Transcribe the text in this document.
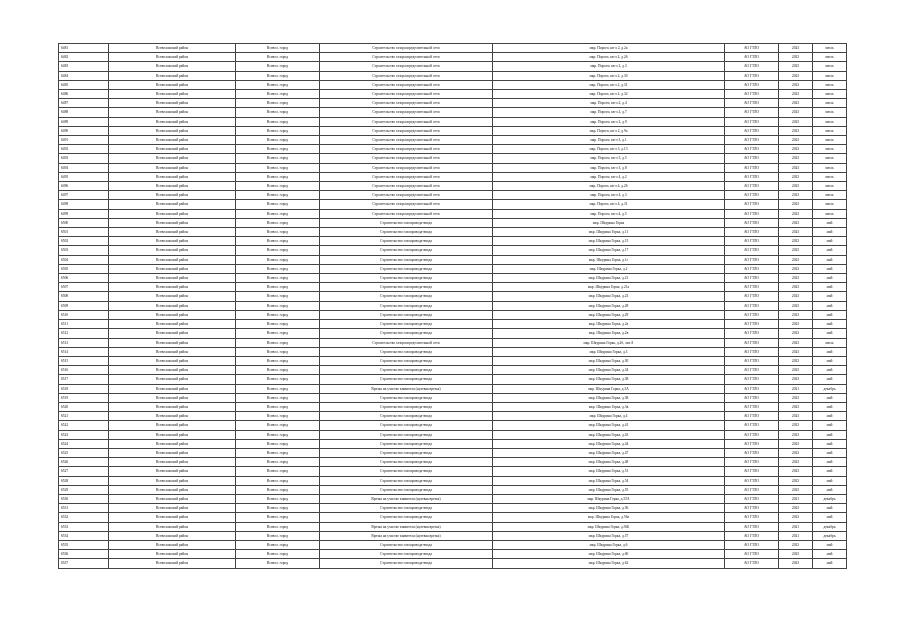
6481	Всеволожский район	Всевол. город	Строительство газораспределительной сети	мкр. Пороги, кв-л 2, д.2а	АО ГТЛО	2023	июль
6482	Всеволожский район	Всевол. город	Строительство газораспределительной сети	мкр. Пороги, кв-л 2, д.26	АО ГТЛО	2023	июль
6483	Всеволожский район	Всевол. город	Строительство газораспределительной сети	мкр. Пороги, кв-л 2, д.3	АО ГТЛО	2023	июль
6484	Всеволожский район	Всевол. город	Строительство газораспределительной сети	мкр. Пороги, кв-л 2, д.30	АО ГТЛО	2023	июль
6485	Всеволожский район	Всевол. город	Строительство газораспределительной сети	мкр. Пороги, кв-л 2, д.31	АО ГТЛО	2023	июль
6486	Всеволожский район	Всевол. город	Строительство газораспределительной сети	мкр. Пороги, кв-л 2, д.32	АО ГТЛО	2023	июль
6487	Всеволожский район	Всевол. город	Строительство газораспределительной сети	мкр. Пороги, кв-л 2, д.4	АО ГТЛО	2023	июль
6488	Всеволожский район	Всевол. город	Строительство газораспределительной сети	мкр. Пороги, кв-л 2, д.7	АО ГТЛО	2023	июль
6489	Всеволожский район	Всевол. город	Строительство газораспределительной сети	мкр. Пороги, кв-л 2, д.9	АО ГТЛО	2023	июль
6490	Всеволожский район	Всевол. город	Строительство газораспределительной сети	мкр. Пороги, кв-л 2, д.9а	АО ГТЛО	2023	июль
6491	Всеволожский район	Всевол. город	Строительство газораспределительной сети	мкр. Пороги, кв-л 3, д.1	АО ГТЛО	2023	июль
6492	Всеволожский район	Всевол. город	Строительство газораспределительной сети	мкр. Пороги, кв-л 3, д.13	АО ГТЛО	2023	июль
6493	Всеволожский район	Всевол. город	Строительство газораспределительной сети	мкр. Пороги, кв-л 3, д.5	АО ГТЛО	2023	июль
6494	Всеволожский район	Всевол. город	Строительство газораспределительной сети	мкр. Пороги, кв-л 3, д.8	АО ГТЛО	2023	июль
6495	Всеволожский район	Всевол. город	Строительство газораспределительной сети	мкр. Пороги, кв-л 4, д.2	АО ГТЛО	2023	июль
6496	Всеволожский район	Всевол. город	Строительство газораспределительной сети	мкр. Пороги, кв-л 4, д.26	АО ГТЛО	2023	июль
6497	Всеволожский район	Всевол. город	Строительство газораспределительной сети	мкр. Пороги, кв-л 4, д.3	АО ГТЛО	2023	июль
6498	Всеволожский район	Всевол. город	Строительство газораспределительной сети	мкр. Пороги, кв-л 4, д.31	АО ГТЛО	2023	июль
6499	Всеволожский район	Всевол. город	Строительство газораспределительной сети	мкр. Пороги, кв-л 4, д.5	АО ГТЛО	2023	июль
6500	Всеволожский район	Всевол. город	Строительство газопровода-ввода	мкр. Шкурина Горка	АО ГТЛО	2023	май
6501	Всеволожский район	Всевол. город	Строительство газопровода-ввода	мкр. Шкурина Горка, д.11	АО ГТЛО	2023	май
6502	Всеволожский район	Всевол. город	Строительство газопровода-ввода	мкр. Шкурина Горка, д.15	АО ГТЛО	2023	май
6503	Всеволожский район	Всевол. город	Строительство газопровода-ввода	мкр. Шкурина Горка, д.17	АО ГТЛО	2023	май
6504	Всеволожский район	Всевол. город	Строительство газопровода-ввода	мкр. Шкурина Горка, д.1г	АО ГТЛО	2023	май
6505	Всеволожский район	Всевол. город	Строительство газопровода-ввода	мкр. Шкурина Горка, д.2	АО ГТЛО	2023	май
6506	Всеволожский район	Всевол. город	Строительство газопровода-ввода	мкр. Шкурина Горка, д.21	АО ГТЛО	2023	май
6507	Всеволожский район	Всевол. город	Строительство газопровода-ввода	мкр. Шкурина Горка, д.21а	АО ГТЛО	2023	май
6508	Всеволожский район	Всевол. город	Строительство газопровода-ввода	мкр. Шкурина Горка, д.23	АО ГТЛО	2023	май
6509	Всеволожский район	Всевол. город	Строительство газопровода-ввода	мкр. Шкурина Горка, д.28	АО ГТЛО	2023	май
6510	Всеволожский район	Всевол. город	Строительство газопровода-ввода	мкр. Шкурина Горка, д.29	АО ГТЛО	2023	май
6511	Всеволожский район	Всевол. город	Строительство газопровода-ввода	мкр. Шкурина Горка, д.2а	АО ГТЛО	2023	май
6512	Всеволожский район	Всевол. город	Строительство газопровода-ввода	мкр. Шкурина Горка, д.2в	АО ГТЛО	2023	май
6513	Всеволожский район	Всевол. город	Строительство газораспределительной сети	мкр. Шкурина Горка, д.2б, лит.А	АО ГТЛО	2023	июль
6514	Всеволожский район	Всевол. город	Строительство газопровода-ввода	мкр. Шкурина Горка, д.3	АО ГТЛО	2023	май
6515	Всеволожский район	Всевол. город	Строительство газопровода-ввода	мкр. Шкурина Горка, д.30	АО ГТЛО	2023	май
6516	Всеволожский район	Всевол. город	Строительство газопровода-ввода	мкр. Шкурина Горка, д.34	АО ГТЛО	2023	май
6517	Всеволожский район	Всевол. город	Строительство газопровода-ввода	мкр. Шкурина Горка, д.38	АО ГТЛО	2023	май
6518	Всеволожский район	Всевол. город	Врезка на участке заявителя (нулевая врезка)	мкр. Шкурина Горка, д.3А	АО ГТЛО	2021	декабрь
6519	Всеволожский район	Всевол. город	Строительство газопровода-ввода	мкр. Шкурина Горка, д.38	АО ГТЛО	2023	май
6520	Всеволожский район	Всевол. город	Строительство газопровода-ввода	мкр. Шкурина Горка, д.3в	АО ГТЛО	2023	май
6521	Всеволожский район	Всевол. город	Строительство газопровода-ввода	мкр. Шкурина Горка, д.4	АО ГТЛО	2023	май
6522	Всеволожский район	Всевол. город	Строительство газопровода-ввода	мкр. Шкурина Горка, д.41	АО ГТЛО	2023	май
6523	Всеволожский район	Всевол. город	Строительство газопровода-ввода	мкр. Шкурина Горка, д.43	АО ГТЛО	2023	май
6524	Всеволожский район	Всевол. город	Строительство газопровода-ввода	мкр. Шкурина Горка, д.44	АО ГТЛО	2023	май
6525	Всеволожский район	Всевол. город	Строительство газопровода-ввода	мкр. Шкурина Горка, д.47	АО ГТЛО	2023	май
6526	Всеволожский район	Всевол. город	Строительство газопровода-ввода	мкр. Шкурина Горка, д.48	АО ГТЛО	2023	май
6527	Всеволожский район	Всевол. город	Строительство газопровода-ввода	мкр. Шкурина Горка, д.51	АО ГТЛО	2023	май
6528	Всеволожский район	Всевол. город	Строительство газопровода-ввода	мкр. Шкурина Горка, д.54	АО ГТЛО	2023	май
6529	Всеволожский район	Всевол. город	Строительство газопровода-ввода	мкр. Шкурина Горка, д.55	АО ГТЛО	2023	май
6530	Всеволожский район	Всевол. город	Врезка на участке заявителя (нулевая врезка)	мкр. Шкурина Горка, д.55А	АО ГТЛО	2021	декабрь
6531	Всеволожский район	Всевол. город	Строительство газопровода-ввода	мкр. Шкурина Горка, д.56	АО ГТЛО	2023	май
6532	Всеволожский район	Всевол. город	Строительство газопровода-ввода	мкр. Шкурина Горка, д.56а	АО ГТЛО	2023	май
6533	Всеволожский район	Всевол. город	Врезка на участке заявителя (нулевая врезка)	мкр. Шкурина Горка, д.56Б	АО ГТЛО	2021	декабрь
6534	Всеволожский район	Всевол. город	Врезка на участке заявителя (нулевая врезка)	мкр. Шкурина Горка, д.57	АО ГТЛО	2021	декабрь
6535	Всеволожский район	Всевол. город	Строительство газопровода-ввода	мкр. Шкурина Горка, д.6	АО ГТЛО	2023	май
6536	Всеволожский район	Всевол. город	Строительство газопровода-ввода	мкр. Шкурина Горка, д.60	АО ГТЛО	2023	май
6537	Всеволожский район	Всевол. город	Строительство газопровода-ввода	мкр. Шкурина Горка, д.62	АО ГТЛО	2023	май
